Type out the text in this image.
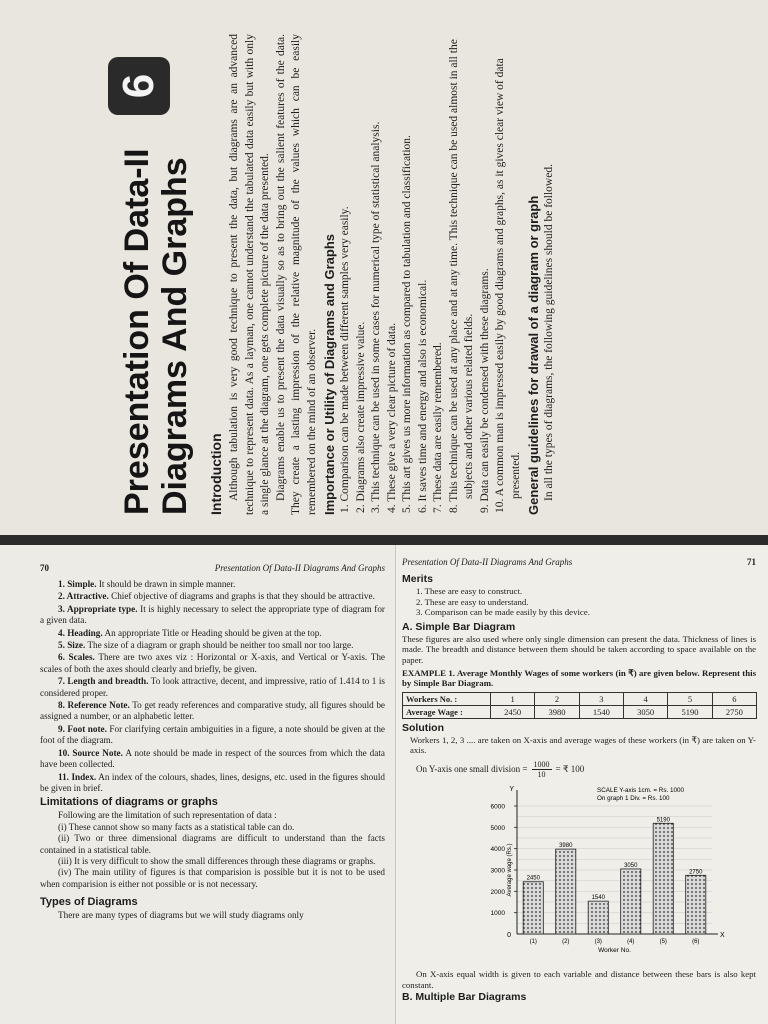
Presentation Of Data-II Diagrams And Graphs
6
Introduction Although tabulation is very good technique to present the data, but diagrams are an advanced technique to represent data. As a layman, one cannot understand the tabulated data easily but with only a single glance at the diagram, one gets complete picture of the data presented. Diagrams enable us to present the data visually so as to bring out the salient features of the data. They create a lasting impression of the relative magnitude of the values which can be easily remembered on the mind of an observer. Importance or Utility of Diagrams and Graphs 1. Comparison can be made between different samples very easily. 2. Diagrams also create impressive value. 3. This technique can be used in some cases for numerical type of statistical analysis. 4. These give a very clear picture of data. 5. This art gives us more information as compared to tabulation and classification. 6. It saves time and energy and also is economical. 7. These data are easily remembered. 8. This technique can be used at any place and at any time. This technique can be used almost in all the subjects and other various related fields. 9. Data can easily be condensed with these diagrams. 10. A common man is impressed easily by good diagrams and graphs, as it gives clear view of data presented. General guidelines for drawal of a diagram or graph In all the types of diagrams, the following guidelines should be followed.

70	Presentation Of Data-II Diagrams And Graphs
1. Simple. It should be drawn in simple manner.
2. Attractive. Chief objective of diagrams and graphs is that they should be attractive.
3. Appropriate type. It is highly necessary to select the appropriate type of diagram for a given data.
4. Heading. An appropriate Title or Heading should be given at the top.
5. Size. The size of a diagram or graph should be neither too small nor too large.
6. Scales. There are two axes viz : Horizontal or X-axis, and Vertical or Y-axis. The scales of both the axes should clearly and briefly, be given.
7. Length and breadth. To look attractive, decent, and impressive, ratio of 1.414 to 1 is considered proper.
8. Reference Note. To get ready references and comparative study, all figures should be assigned a number, or an alphabetic letter.
9. Foot note. For clarifying certain ambiguities in a figure, a note should be given at the foot of the diagram.
10. Source Note. A note should be made in respect of the sources from which the data have been collected.
11. Index. An index of the colours, shades, lines, designs, etc. used in the figures should be given in brief.
Limitations of diagrams or graphs
Following are the limitation of such representation of data :
(i) These cannot show so many facts as a statistical table can do.
(ii) Two or three dimensional diagrams are difficult to understand than the facts contained in a statistical table.
(iii) It is very difficult to show the small differences through these diagrams or graphs.
(iv) The main utility of figures is that comparision is possible but it is not to be used when comparision is either not possible or is not necessary.
Types of Diagrams
There are many types of diagrams but we will study diagrams only
Presentation Of Data-II Diagrams And Graphs	71
Merits
1. These are easy to construct.
2. These are easy to understand.
3. Comparison can be made easily by this device.
A. Simple Bar Diagram
These figures are also used where only single dimension can present the data. Thickness of lines is made. The breadth and distance between them should be taken according to space available on the paper.
EXAMPLE 1. Average Monthly Wages of some workers (in ₹) are given below. Represent this by Simple Bar Diagram.
Workers No. :	1	2	3	4	5	6
Average Wage :	2450	3980	1540	3050	5190	2750
Solution
Workers 1, 2, 3 .... are taken on X-axis and average wages of these workers (in ₹) are taken on Y-axis.
On Y-axis one small division = $\frac{1000}{10}$ = ₹ 100
Y
X
0
1000
2000
3000
4000
5000
6000
Average wage (Rs.) 2450
(1)
3980
(2)
1540
(3)
3050
(4)
5190
(5)
2750
(6)
Worker No.
SCALE Y-axis 1cm. = Rs. 1000
On graph 1 Div. = Rs. 100
On X-axis equal width is given to each variable and distance between these bars is also kept constant.
B. Multiple Bar Diagrams
